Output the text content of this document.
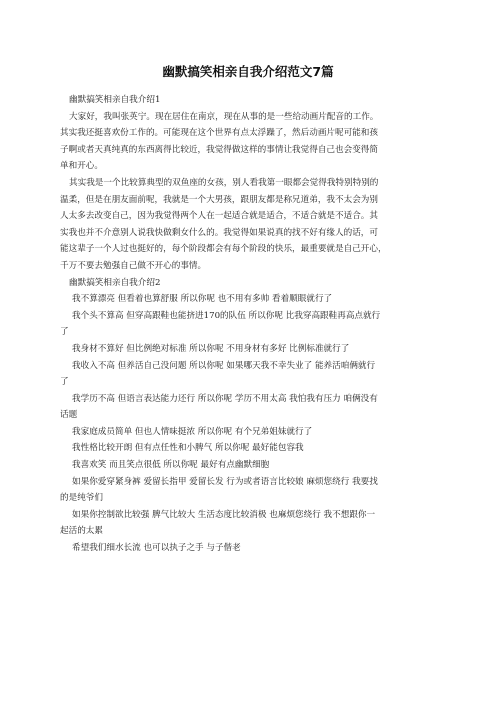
幽默搞笑相亲自我介绍范文7篇
幽默搞笑相亲自我介绍1
大家好，我叫张英宁。现在居住在南京，现在从事的是一些给动画片配音的工作。
其实我还挺喜欢份工作的。可能现在这个世界有点太浮躁了，然后动画片呢可能和孩
子啊或者天真纯真的东西离得比较近，我觉得做这样的事情让我觉得自己也会变得简
单和开心。
其实我是一个比较算典型的双鱼座的女孩，别人看我第一眼都会觉得我特别特别的
温柔，但是在朋友面前呢，我就是一个大男孩，跟朋友都是称兄道弟，我不太会为别
人太多去改变自己，因为我觉得两个人在一起适合就是适合，不适合就是不适合。其
实我也并不介意别人说我快做剩女什么的。我觉得如果说真的找不好有缘人的话，可
能这辈子一个人过也挺好的，每个阶段都会有每个阶段的快乐，最重要就是自己开心，
千万不要去勉强自己做不开心的事情。
幽默搞笑相亲自我介绍2
我不算漂亮 但看着也算舒服 所以你呢 也不用有多帅 看着顺眼就行了
我个头不算高 但穿高跟鞋也能挤进170的队伍 所以你呢 比我穿高跟鞋再高点就行
了
我身材不算好 但比例绝对标准 所以你呢 不用身材有多好 比例标准就行了
我收入不高 但养活自己没问题 所以你呢 如果哪天我不幸失业了 能养活咱俩就行
了
我学历不高 但语言表达能力还行 所以你呢 学历不用太高 我怕我有压力 咱俩没有
话题
我家庭成员简单 但也人情味挺浓 所以你呢 有个兄弟姐妹就行了
我性格比较开朗 但有点任性和小脾气 所以你呢 最好能包容我
我喜欢笑 而且笑点很低 所以你呢 最好有点幽默细胞
如果你爱穿紧身裤 爱留长指甲 爱留长发 行为或者语言比较娘 麻烦您绕行 我要找
的是纯爷们
如果你控制欲比较强 脾气比较大 生活态度比较消极 也麻烦您绕行 我不想跟你一
起活的太累
希望我们细水长流 也可以执子之手 与子偕老
